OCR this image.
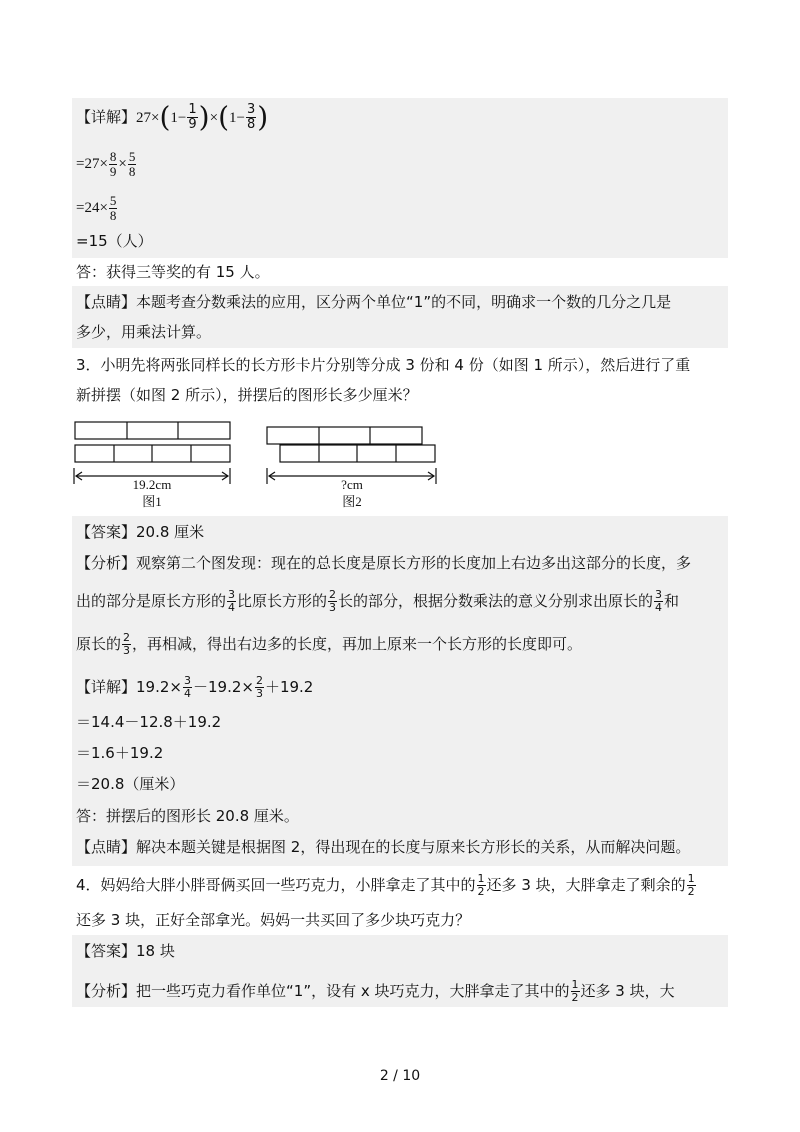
【详解】$27\times(1- \frac{1}{9} )\times(1- \frac{3}{8}$ )
$=27\times \frac{8}{9} \times \frac{5}{8}$
$=24\times \frac{5}{8}$
=15（人）
答：获得三等奖的有 15 人。
【点睛】本题考查分数乘法的应用，区分两个单位“1”的不同，明确求一个数的几分之几是
多少，用乘法计算。
3．小明先将两张同样长的长方形卡片分别等分成 3 份和 4 份（如图 1 所示），然后进行了重
新拼摆（如图 2 所示），拼摆后的图形长多少厘米？
19.2cm
图1
?cm
图2
【答案】20.8 厘米
【分析】观察第二个图发现：现在的总长度是原长方形的长度加上右边多出这部分的长度，多
出的部分是原长方形的 $\frac{3}{4}$ 比原长方形的 $\frac{2}{3}$ 长的部分，根据分数乘法的意义分别求出原长的 $\frac{3}{4}$ 和
原长的 $\frac{2}{3}$ ，再相减，得出右边多的长度，再加上原来一个长方形的长度即可。
【详解】$19.2\times \frac{3}{4} -19.2\times \frac{2}{3} +19.2$
＝14.4－12.8＋19.2
＝1.6＋19.2
＝20.8（厘米）
答：拼摆后的图形长 20.8 厘米。
【点睛】解决本题关键是根据图 2，得出现在的长度与原来长方形长的关系，从而解决问题。
4．妈妈给大胖小胖哥俩买回一些巧克力，小胖拿走了其中的 $\frac{1}{2}$ 还多 3 块，大胖拿走了剩余的 $\frac{1}{2}$
还多 3 块，正好全部拿光。妈妈一共买回了多少块巧克力？
【答案】18 块
【分析】把一些巧克力看作单位“1”，设有 x 块巧克力，大胖拿走了其中的 $\frac{1}{2}$ 还多 3 块，大
2 / 10
